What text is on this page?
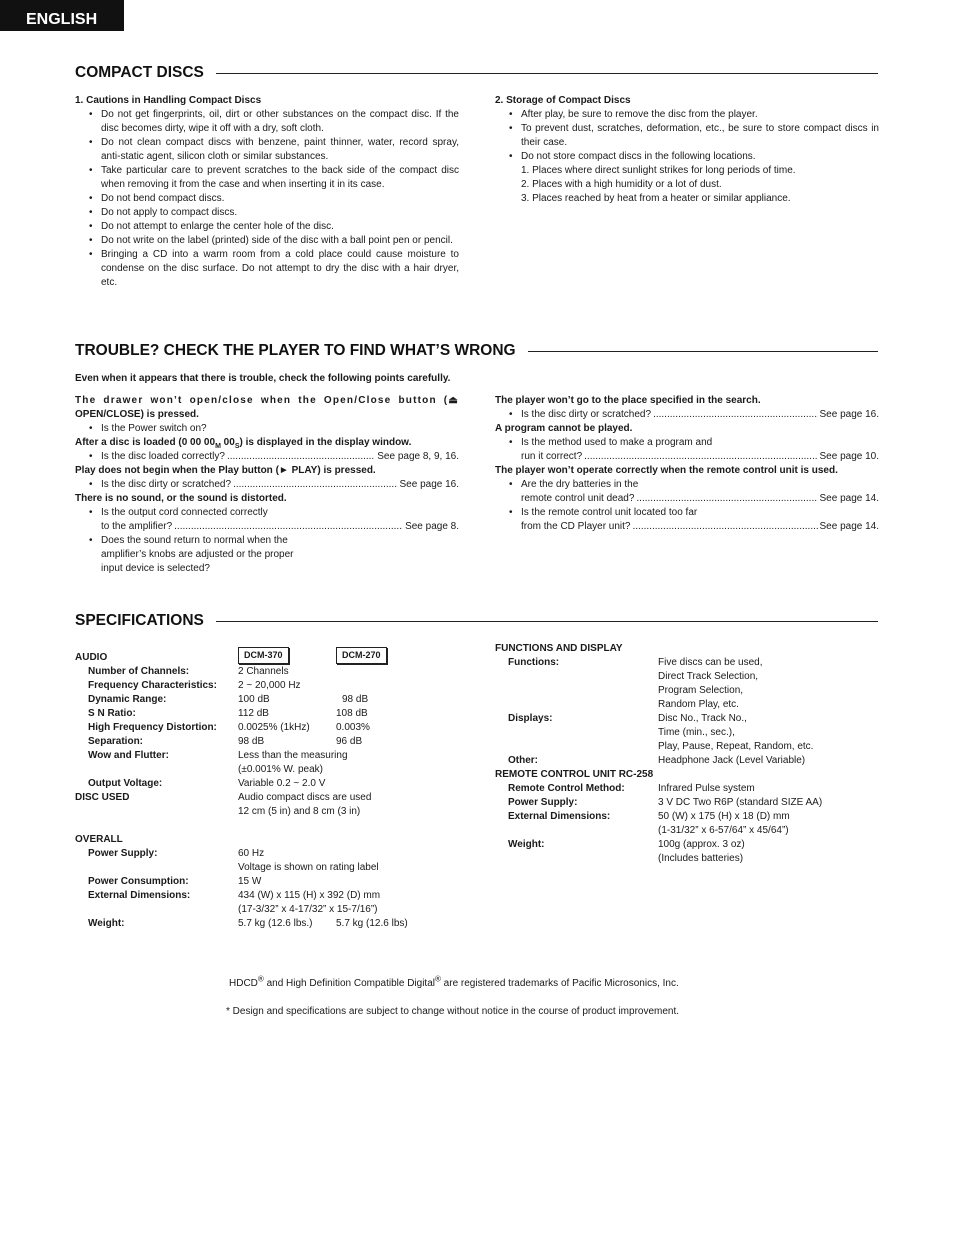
ENGLISH
COMPACT DISCS
1. Cautions in Handling Compact Discs
• Do not get fingerprints, oil, dirt or other substances on the compact disc. If the disc becomes dirty, wipe it off with a dry, soft cloth.
• Do not clean compact discs with benzene, paint thinner, water, record spray, anti-static agent, silicon cloth or similar substances.
• Take particular care to prevent scratches to the back side of the compact disc when removing it from the case and when inserting it in its case.
• Do not bend compact discs.
• Do not apply to compact discs.
• Do not attempt to enlarge the center hole of the disc.
• Do not write on the label (printed) side of the disc with a ball point pen or pencil.
• Bringing a CD into a warm room from a cold place could cause moisture to condense on the disc surface. Do not attempt to dry the disc with a hair dryer, etc.
2. Storage of Compact Discs
• After play, be sure to remove the disc from the player.
• To prevent dust, scratches, deformation, etc., be sure to store compact discs in their case.
• Do not store compact discs in the following locations.
1. Places where direct sunlight strikes for long periods of time.
2. Places with a high humidity or a lot of dust.
3. Places reached by heat from a heater or similar appliance.
TROUBLE? CHECK THE PLAYER TO FIND WHAT’S WRONG
Even when it appears that there is trouble, check the following points carefully.
The drawer won’t open/close when the Open/Close button (⏏
OPEN/CLOSE) is pressed.
• Is the Power switch on?
After a disc is loaded (0 00 $00_M$ $00_S$) is displayed in the display window.
• Is the disc loaded correctly? .....	See page 8, 9, 16.
Play does not begin when the Play button (► PLAY) is pressed.
• Is the disc dirty or scratched? .....	See page 16.
There is no sound, or the sound is distorted.
• Is the output cord connected correctly
to the amplifier? .....	See page 8.
• Does the sound return to normal when the
amplifier’s knobs are adjusted or the proper
input device is selected?
The player won’t go to the place specified in the search.
• Is the disc dirty or scratched? .....	See page 16.
A program cannot be played.
• Is the method used to make a program and
run it correct? .....	See page 10.
The player won’t operate correctly when the remote control unit is used.
• Are the dry batteries in the
remote control unit dead? .....	See page 14.
• Is the remote control unit located too far
from the CD Player unit? .....	See page 14.
SPECIFICATIONS
DCM-370	DCM-270
AUDIO
Number of Channels:	2 Channels
Frequency Characteristics: 2 ~ 20,000 Hz
Dynamic Range:	100 dB	98 dB
S N Ratio:	112 dB	108 dB
High Frequency Distortion: 0.0025% (1kHz)	0.003%
Separation:	98 dB	96 dB
Wow and Flutter:	Less than the measuring
(±0.001% W. peak)
Output Voltage:	Variable 0.2 ~ 2.0 V
DISC USED	Audio compact discs are used
12 cm (5 in) and 8 cm (3 in)
OVERALL
Power Supply:	60 Hz
Voltage is shown on rating label
Power Consumption:	15 W
External Dimensions:	434 (W) x 115 (H) x 392 (D) mm
(17-3/32” x 4-17/32” x 15-7/16”)
Weight:	5.7 kg (12.6 lbs.) 5.7 kg (12.6 lbs)
FUNCTIONS AND DISPLAY
Functions:	Five discs can be used,
Direct Track Selection,
Program Selection,
Random Play, etc.
Displays:	Disc No., Track No.,
Time (min., sec.),
Play, Pause, Repeat, Random, etc.
Other:	Headphone Jack (Level Variable)
REMOTE CONTROL UNIT RC-258
Remote Control Method:	Infrared Pulse system
Power Supply:	3 V DC Two R6P (standard SIZE AA)
External Dimensions:	50 (W) x 175 (H) x 18 (D) mm
(1-31/32” x 6-57/64” x 45/64”)
Weight:	100g (approx. 3 oz)
(Includes batteries)
HDCD® and High Definition Compatible Digital® are registered trademarks of Pacific Microsonics, Inc.
* Design and specifications are subject to change without notice in the course of product improvement.
